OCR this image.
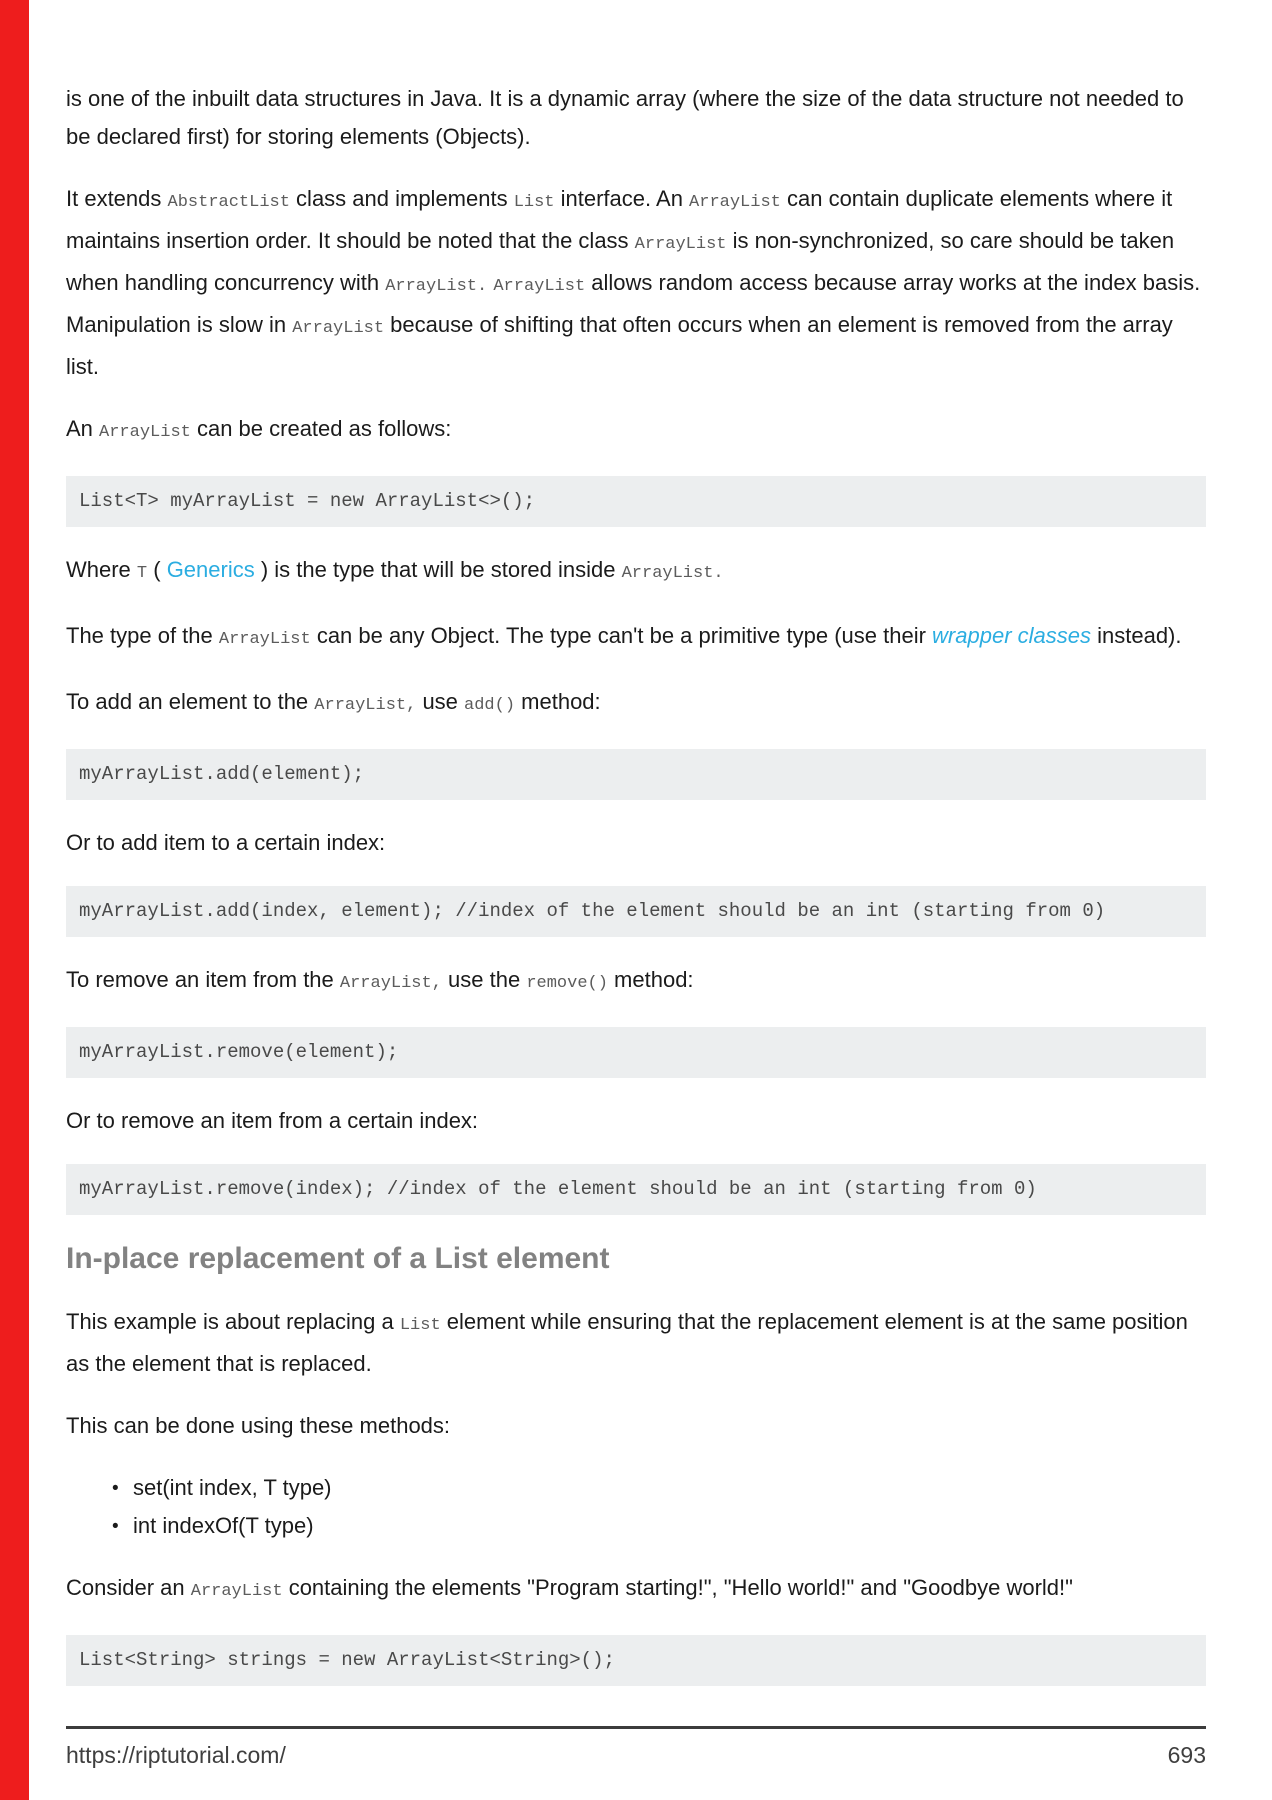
is one of the inbuilt data structures in Java. It is a dynamic array (where the size of the data structure not needed to be declared first) for storing elements (Objects).

It extends AbstractList class and implements List interface. An ArrayList can contain duplicate elements where it maintains insertion order. It should be noted that the class ArrayList is non-synchronized, so care should be taken when handling concurrency with ArrayList. ArrayList allows random access because array works at the index basis. Manipulation is slow in ArrayList because of shifting that often occurs when an element is removed from the array list.

An ArrayList can be created as follows:

List<T> myArrayList = new ArrayList<>();

Where T ( Generics ) is the type that will be stored inside ArrayList.

The type of the ArrayList can be any Object. The type can't be a primitive type (use their wrapper classes instead).

To add an element to the ArrayList, use add() method:

myArrayList.add(element);

Or to add item to a certain index:

myArrayList.add(index, element); //index of the element should be an int (starting from 0)

To remove an item from the ArrayList, use the remove() method:

myArrayList.remove(element);

Or to remove an item from a certain index:

myArrayList.remove(index); //index of the element should be an int (starting from 0)
In-place replacement of a List element

This example is about replacing a List element while ensuring that the replacement element is at the same position as the element that is replaced.

This can be done using these methods:

• set(int index, T type)
• int indexOf(T type)

Consider an ArrayList containing the elements "Program starting!", "Hello world!" and "Goodbye world!"

List<String> strings = new ArrayList<String>();
https://riptutorial.com/	693
